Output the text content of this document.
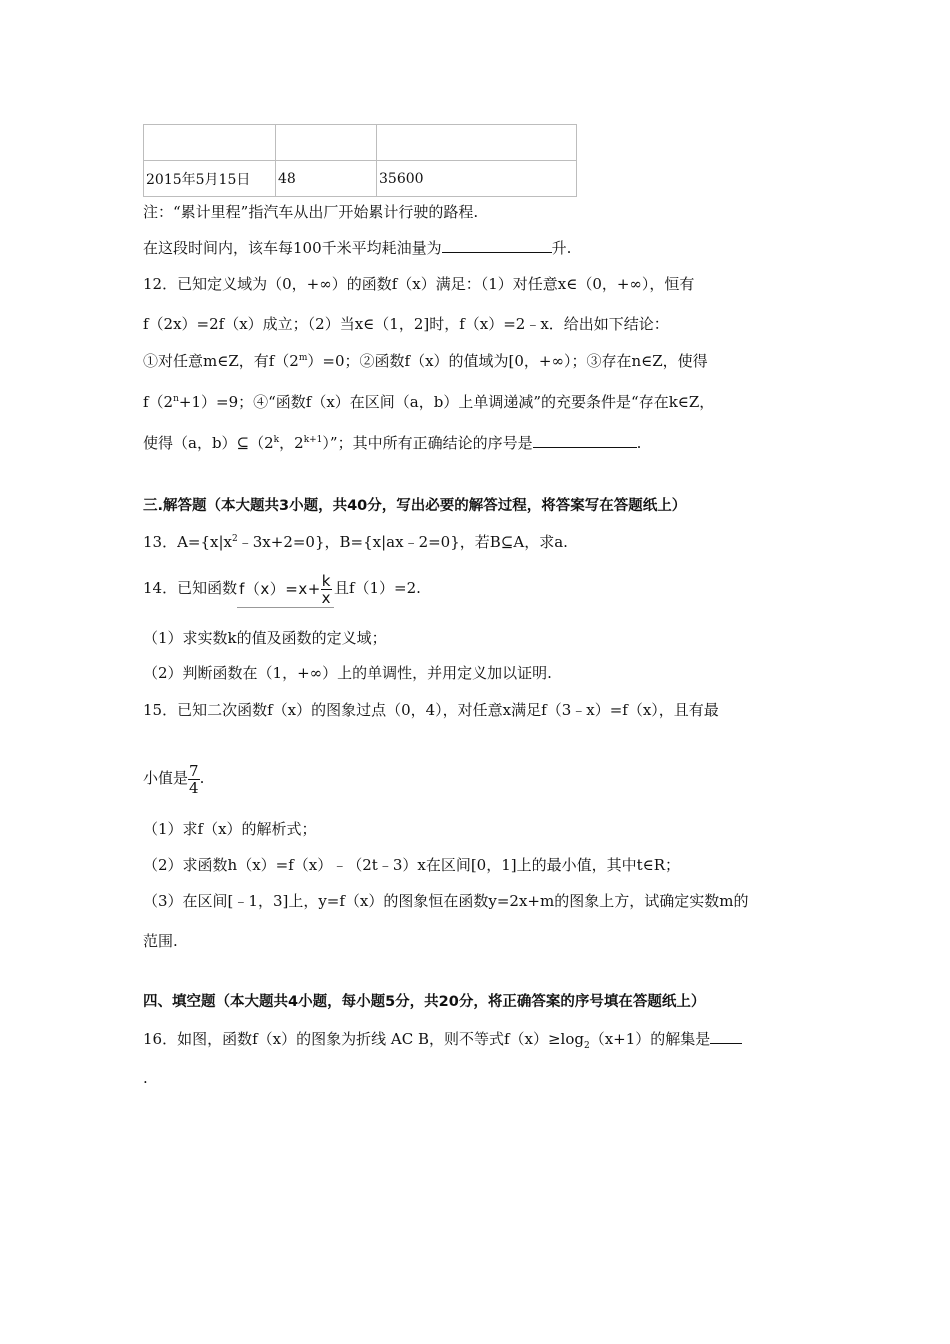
2015年5月15日	48	35600
注：“累计里程”指汽车从出厂开始累计行驶的路程.
在这段时间内，该车每100千米平均耗油量为	升.
12．已知定义域为（0，+∞）的函数f（x）满足：（1）对任意x∈（0，+∞），恒有
f（2x）=2f（x）成立；（2）当x∈（1，2]时，f（x）=2﹣x．给出如下结论：
①对任意m∈Z，有$f(2^m)=0$；②函数f（x）的值域为[0，+∞）；③存在n∈Z，使得
$f(2^n+1)=9$；④“函数f（x）在区间（a，b）上单调递减”的充要条件是“存在k∈Z，
使得（a，b）⊆（2$^k$，$2^{k+1}$）”；其中所有正确结论的序号是	.
三.解答题（本大题共3小题，共40分，写出必要的解答过程，将答案写在答题纸上）
13．$A=\{x|x^2﹣3x+2=0\}$，B={x|ax﹣2=0}，若B⊆A，求a.
14．已知函数 $f(x)=x+ \frac{k}{x}$ 且f（1）=2.
（1）求实数k的值及函数的定义域；
（2）判断函数在（1，+∞）上的单调性，并用定义加以证明.
15．已知二次函数f（x）的图象过点（0，4），对任意x满足f（3﹣x）=f（x），且有最
小值是 $\frac{7}{4}$ .
（1）求f（x）的解析式；
（2）求函数h（x）=f（x）﹣（2t﹣3）x在区间[0，1]上的最小值，其中t∈R；
（3）在区间[﹣1，3]上，y=f（x）的图象恒在函数y=2x+m的图象上方，试确定实数m的
范围.
四、填空题（本大题共4小题，每小题5分，共20分，将正确答案的序号填在答题纸上）
16．如图，函数f（x）的图象为折线 AC B，则不等式$f(x)\ge\log_2(x+1)$的解集是
.
